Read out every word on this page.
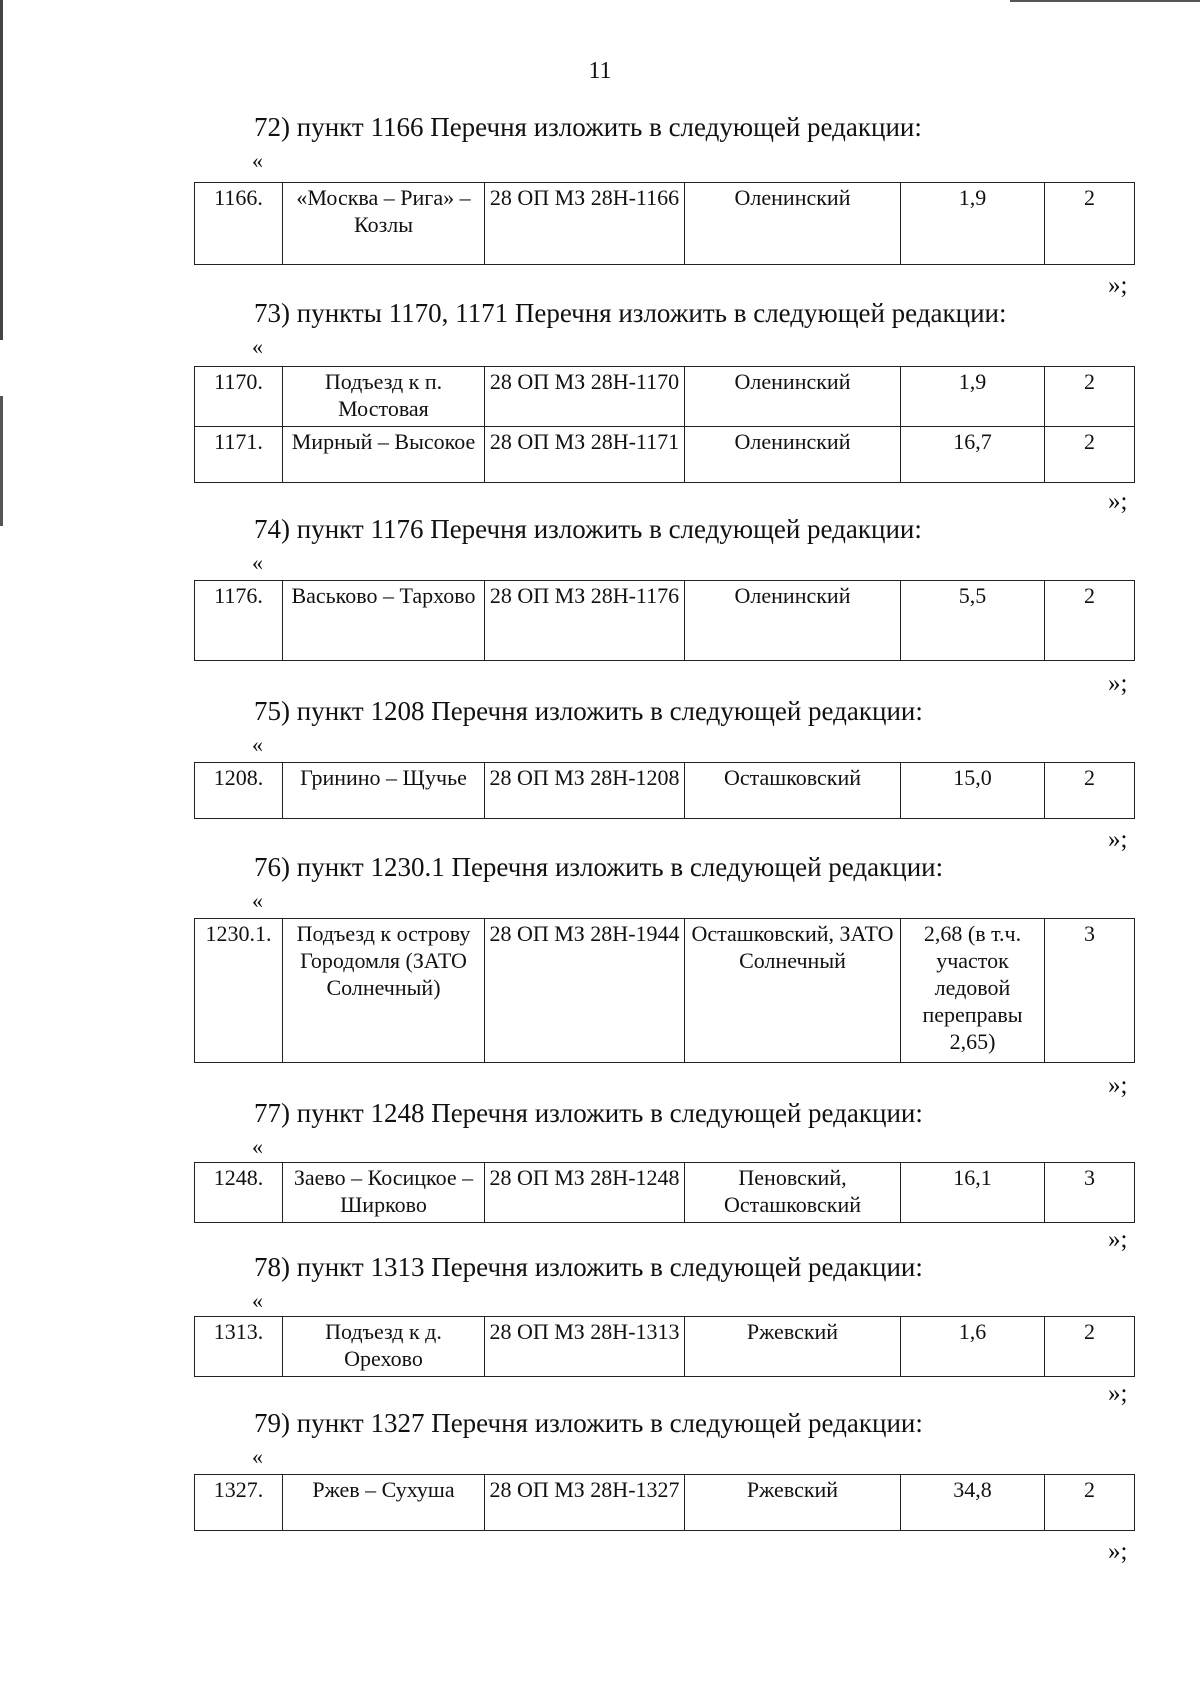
11
72) пункт 1166 Перечня изложить в следующей редакции:
«
1166.	«Москва – Рига» – Козлы	28 ОП МЗ 28Н-1166	Оленинский	1,9	2
»;
73) пункты 1170, 1171 Перечня изложить в следующей редакции:
«
1170.	Подъезд к п. Мостовая	28 ОП МЗ 28Н-1170	Оленинский	1,9	2
1171.	Мирный – Высокое	28 ОП МЗ 28Н-1171	Оленинский	16,7	2
»;
74) пункт 1176 Перечня изложить в следующей редакции:
«
1176.	Васьково – Тархово	28 ОП МЗ 28Н-1176	Оленинский	5,5	2
»;
75) пункт 1208 Перечня изложить в следующей редакции:
«
1208.	Гринино – Щучье	28 ОП МЗ 28Н-1208	Осташковский	15,0	2
»;
76) пункт 1230.1 Перечня изложить в следующей редакции:
«
1230.1.	Подъезд к острову Городомля (ЗАТО Солнечный)	28 ОП МЗ 28Н-1944	Осташковский, ЗАТО Солнечный	2,68 (в т.ч. участок ледовой переправы 2,65)	3
»;
77) пункт 1248 Перечня изложить в следующей редакции:
«
1248.	Заево – Косицкое – Ширково	28 ОП МЗ 28Н-1248	Пеновский, Осташковский	16,1	3
»;
78) пункт 1313 Перечня изложить в следующей редакции:
«
1313.	Подъезд к д. Орехово	28 ОП МЗ 28Н-1313	Ржевский	1,6	2
»;
79) пункт 1327 Перечня изложить в следующей редакции:
«
1327.	Ржев – Сухуша	28 ОП МЗ 28Н-1327	Ржевский	34,8	2
»;
